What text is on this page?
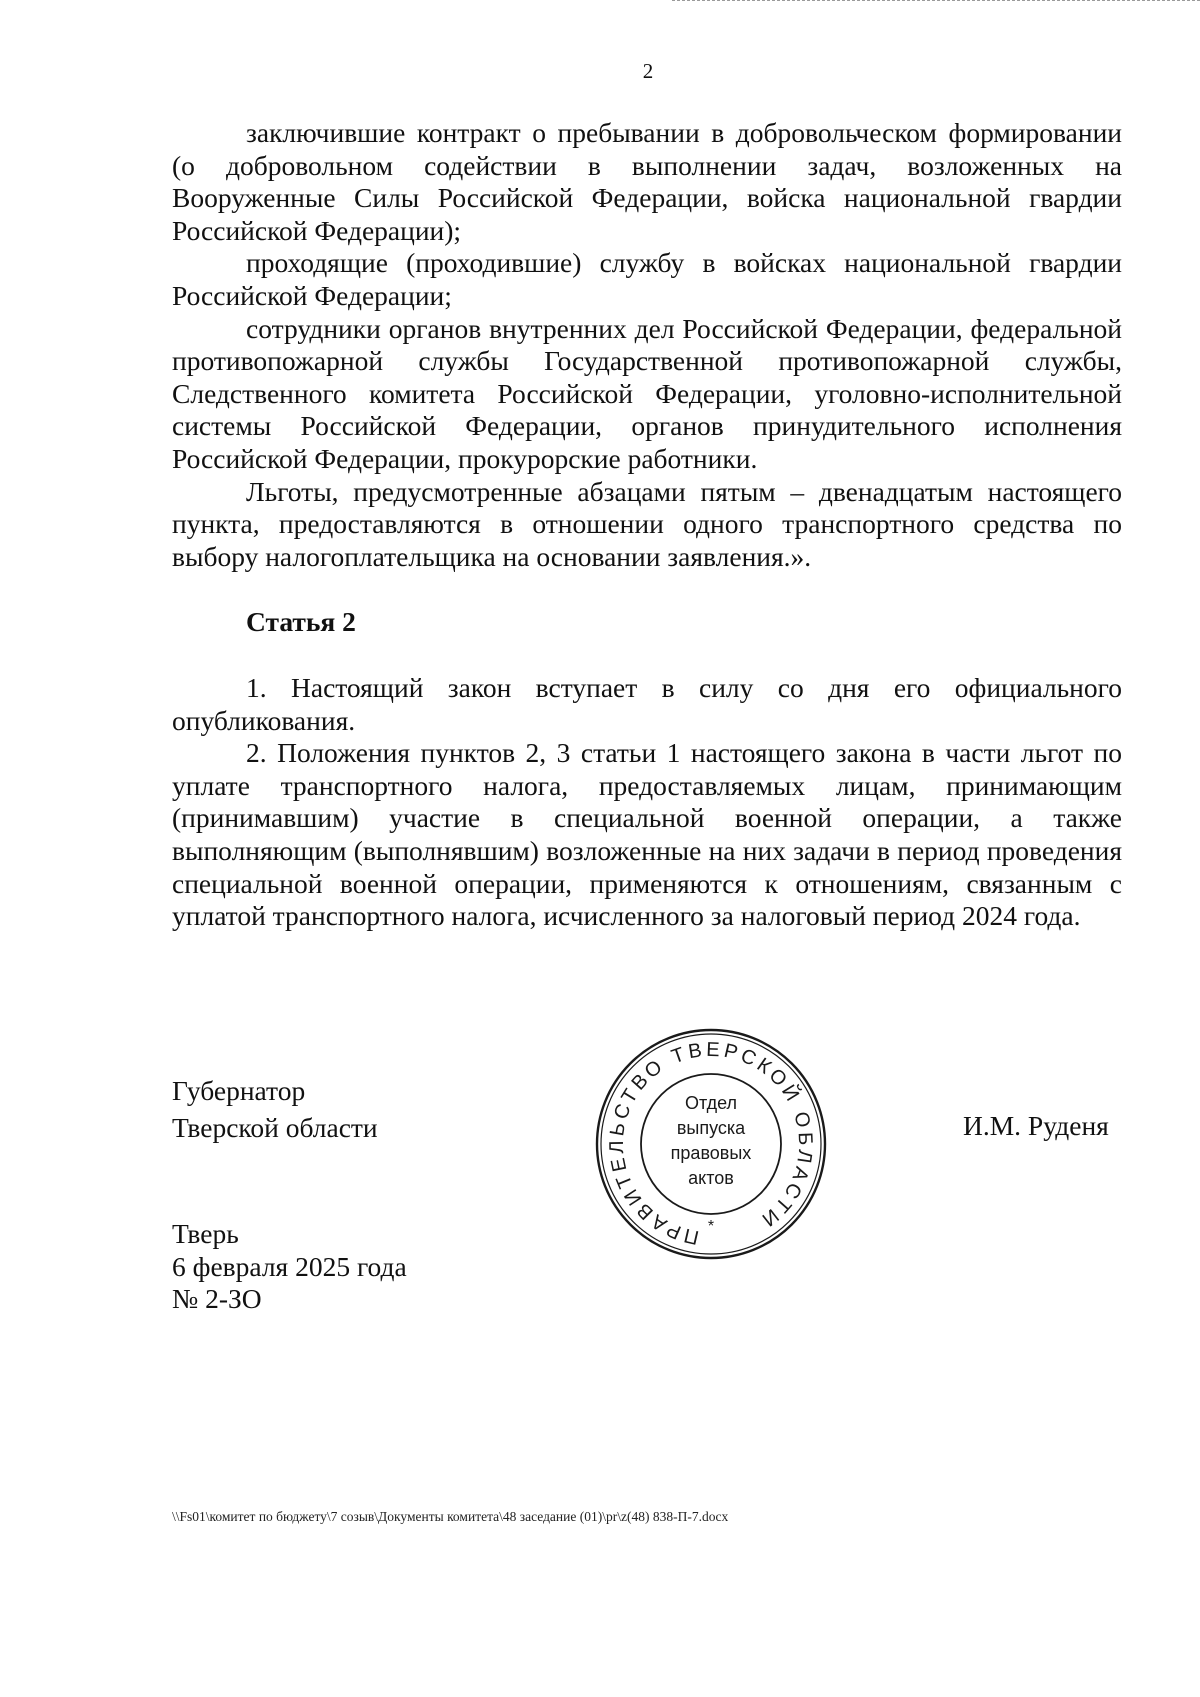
2

заключившие контракт о пребывании в добровольческом формировании (о добровольном содействии в выполнении задач, возложенных на Вооруженные Силы Российской Федерации, войска национальной гвардии Российской Федерации);

проходящие (проходившие) службу в войсках национальной гвардии Российской Федерации;

сотрудники органов внутренних дел Российской Федерации, федеральной противопожарной службы Государственной противопожарной службы, Следственного комитета Российской Федерации, уголовно-исполнительной системы Российской Федерации, органов принудительного исполнения Российской Федерации, прокурорские работники.

Льготы, предусмотренные абзацами пятым – двенадцатым настоящего пункта, предоставляются в отношении одного транспортного средства по выбору налогоплательщика на основании заявления.».

Статья 2

1. Настоящий закон вступает в силу со дня его официального опубликования.

2. Положения пунктов 2, 3 статьи 1 настоящего закона в части льгот по уплате транспортного налога, предоставляемых лицам, принимающим (принимавшим) участие в специальной военной операции, а также выполняющим (выполнявшим) возложенные на них задачи в период проведения специальной военной операции, применяются к отношениям, связанным с уплатой транспортного налога, исчисленного за налоговый период 2024 года.

Губернатор
Тверской области	И.М. Руденя
ПРАВИТЕЛЬСТВО ТВЕРСКОЙ ОБЛАСТИ
*
Отдел
выпуска
правовых
актов
Тверь
6 февраля 2025 года
№ 2-ЗО
\\Fs01\комитет по бюджету\7 созыв\Документы комитета\48 заседание (01)\pr\z(48) 838-П-7.docx
